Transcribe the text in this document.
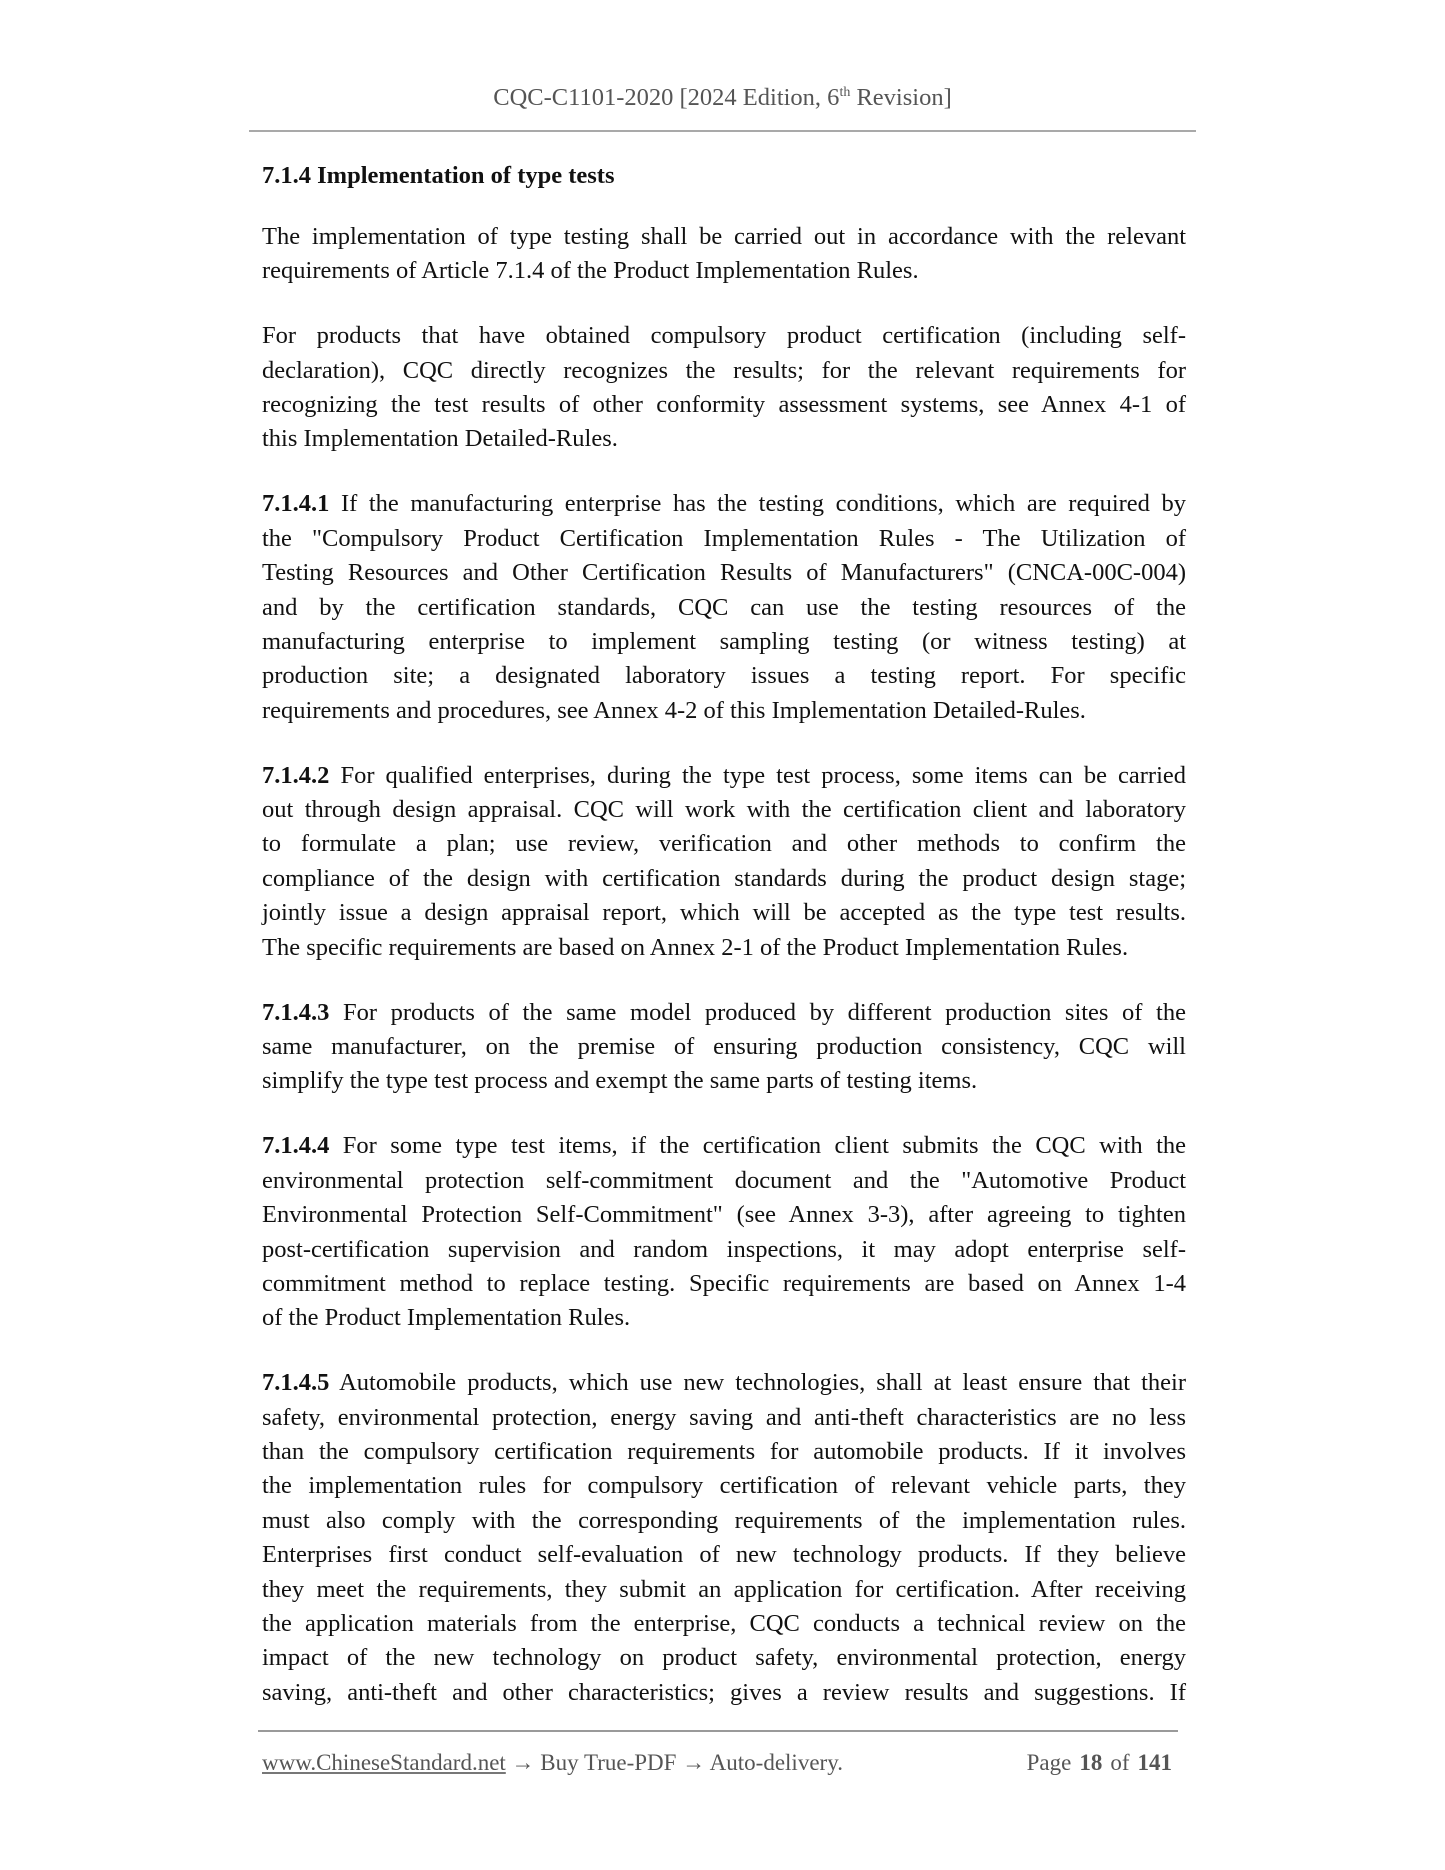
CQC-C1101-2020 [2024 Edition, 6th Revision]
7.1.4 Implementation of type tests
The implementation of type testing shall be carried out in accordance with the relevant
requirements of Article 7.1.4 of the Product Implementation Rules.
For products that have obtained compulsory product certification (including self-
declaration), CQC directly recognizes the results; for the relevant requirements for
recognizing the test results of other conformity assessment systems, see Annex 4-1 of
this Implementation Detailed-Rules.
7.1.4.1 If the manufacturing enterprise has the testing conditions, which are required by
the "Compulsory Product Certification Implementation Rules - The Utilization of
Testing Resources and Other Certification Results of Manufacturers" (CNCA-00C-004)
and by the certification standards, CQC can use the testing resources of the
manufacturing enterprise to implement sampling testing (or witness testing) at
production site; a designated laboratory issues a testing report. For specific
requirements and procedures, see Annex 4-2 of this Implementation Detailed-Rules.
7.1.4.2 For qualified enterprises, during the type test process, some items can be carried
out through design appraisal. CQC will work with the certification client and laboratory
to formulate a plan; use review, verification and other methods to confirm the
compliance of the design with certification standards during the product design stage;
jointly issue a design appraisal report, which will be accepted as the type test results.
The specific requirements are based on Annex 2-1 of the Product Implementation Rules.
7.1.4.3 For products of the same model produced by different production sites of the
same manufacturer, on the premise of ensuring production consistency, CQC will
simplify the type test process and exempt the same parts of testing items.
7.1.4.4 For some type test items, if the certification client submits the CQC with the
environmental protection self-commitment document and the "Automotive Product
Environmental Protection Self-Commitment" (see Annex 3-3), after agreeing to tighten
post-certification supervision and random inspections, it may adopt enterprise self-
commitment method to replace testing. Specific requirements are based on Annex 1-4
of the Product Implementation Rules.
7.1.4.5 Automobile products, which use new technologies, shall at least ensure that their
safety, environmental protection, energy saving and anti-theft characteristics are no less
than the compulsory certification requirements for automobile products. If it involves
the implementation rules for compulsory certification of relevant vehicle parts, they
must also comply with the corresponding requirements of the implementation rules.
Enterprises first conduct self-evaluation of new technology products. If they believe
they meet the requirements, they submit an application for certification. After receiving
the application materials from the enterprise, CQC conducts a technical review on the
impact of the new technology on product safety, environmental protection, energy
saving, anti-theft and other characteristics; gives a review results and suggestions. If
www.ChineseStandard.net → Buy True-PDF → Auto-delivery.	Page 18 of 141
